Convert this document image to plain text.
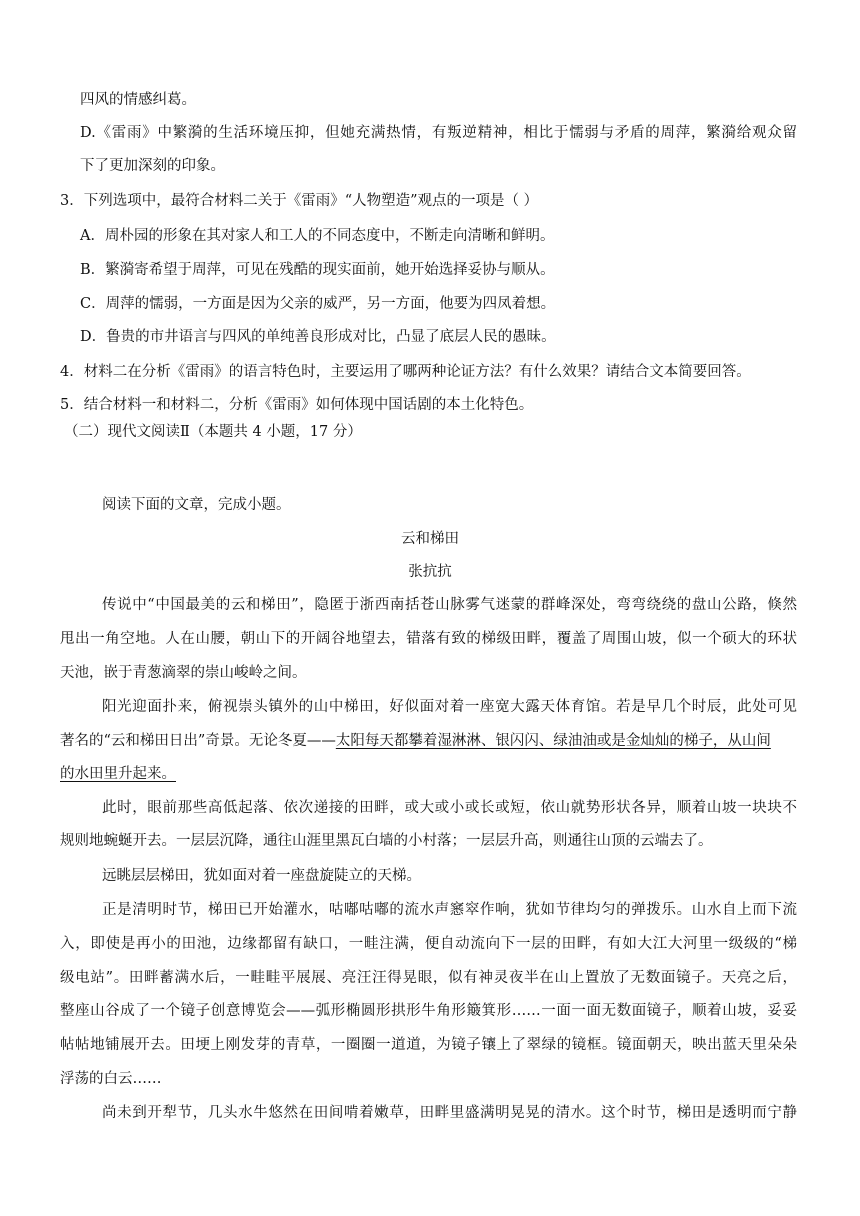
四风的情感纠葛。
D.《雷雨》中繁漪的生活环境压抑，但她充满热情，有叛逆精神，相比于懦弱与矛盾的周萍，繁漪给观众留
下了更加深刻的印象。
3．下列选项中，最符合材料二关于《雷雨》“人物塑造”观点的一项是（ ）
A．周朴园的形象在其对家人和工人的不同态度中，不断走向清晰和鲜明。
B．繁漪寄希望于周萍，可见在残酷的现实面前，她开始选择妥协与顺从。
C．周萍的懦弱，一方面是因为父亲的威严，另一方面，他要为四凤着想。
D．鲁贵的市井语言与四风的单纯善良形成对比，凸显了底层人民的愚昧。
4．材料二在分析《雷雨》的语言特色时，主要运用了哪两种论证方法？有什么效果？请结合文本简要回答。
5．结合材料一和材料二，分析《雷雨》如何体现中国话剧的本土化特色。
（二）现代文阅读Ⅱ（本题共 4 小题，17 分）
阅读下面的文章，完成小题。
云和梯田
张抗抗
传说中“中国最美的云和梯田”，隐匿于浙西南括苍山脉雾气迷蒙的群峰深处，弯弯绕绕的盘山公路，倏然
甩出一角空地。人在山腰，朝山下的开阔谷地望去，错落有致的梯级田畔，覆盖了周围山坡，似一个硕大的环状
天池，嵌于青葱滴翠的崇山峻岭之间。
阳光迎面扑来，俯视崇头镇外的山中梯田，好似面对着一座宽大露天体育馆。若是早几个时辰，此处可见
著名的“云和梯田日出”奇景。无论冬夏——太阳每天都攀着湿淋淋、银闪闪、绿油油或是金灿灿的梯子，从山间
的水田里升起来。
此时，眼前那些高低起落、依次递接的田畔，或大或小或长或短，依山就势形状各异，顺着山坡一块块不
规则地蜿蜒开去。一层层沉降，通往山涯里黑瓦白墙的小村落；一层层升高，则通往山顶的云端去了。
远眺层层梯田，犹如面对着一座盘旋陡立的天梯。
正是清明时节，梯田已开始灌水，咕嘟咕嘟的流水声窸窣作响，犹如节律均匀的弹拨乐。山水自上而下流
入，即使是再小的田池，边缘都留有缺口，一畦注满，便自动流向下一层的田畔，有如大江大河里一级级的“梯
级电站”。田畔蓄满水后，一畦畦平展展、亮汪汪得晃眼，似有神灵夜半在山上置放了无数面镜子。天亮之后，
整座山谷成了一个镜子创意博览会——弧形椭圆形拱形牛角形簸箕形……一面一面无数面镜子，顺着山坡，妥妥
帖帖地铺展开去。田埂上刚发芽的青草，一圈圈一道道，为镜子镶上了翠绿的镜框。镜面朝天，映出蓝天里朵朵
浮荡的白云……
尚未到开犁节，几头水牛悠然在田间啃着嫩草，田畔里盛满明晃晃的清水。这个时节，梯田是透明而宁静
